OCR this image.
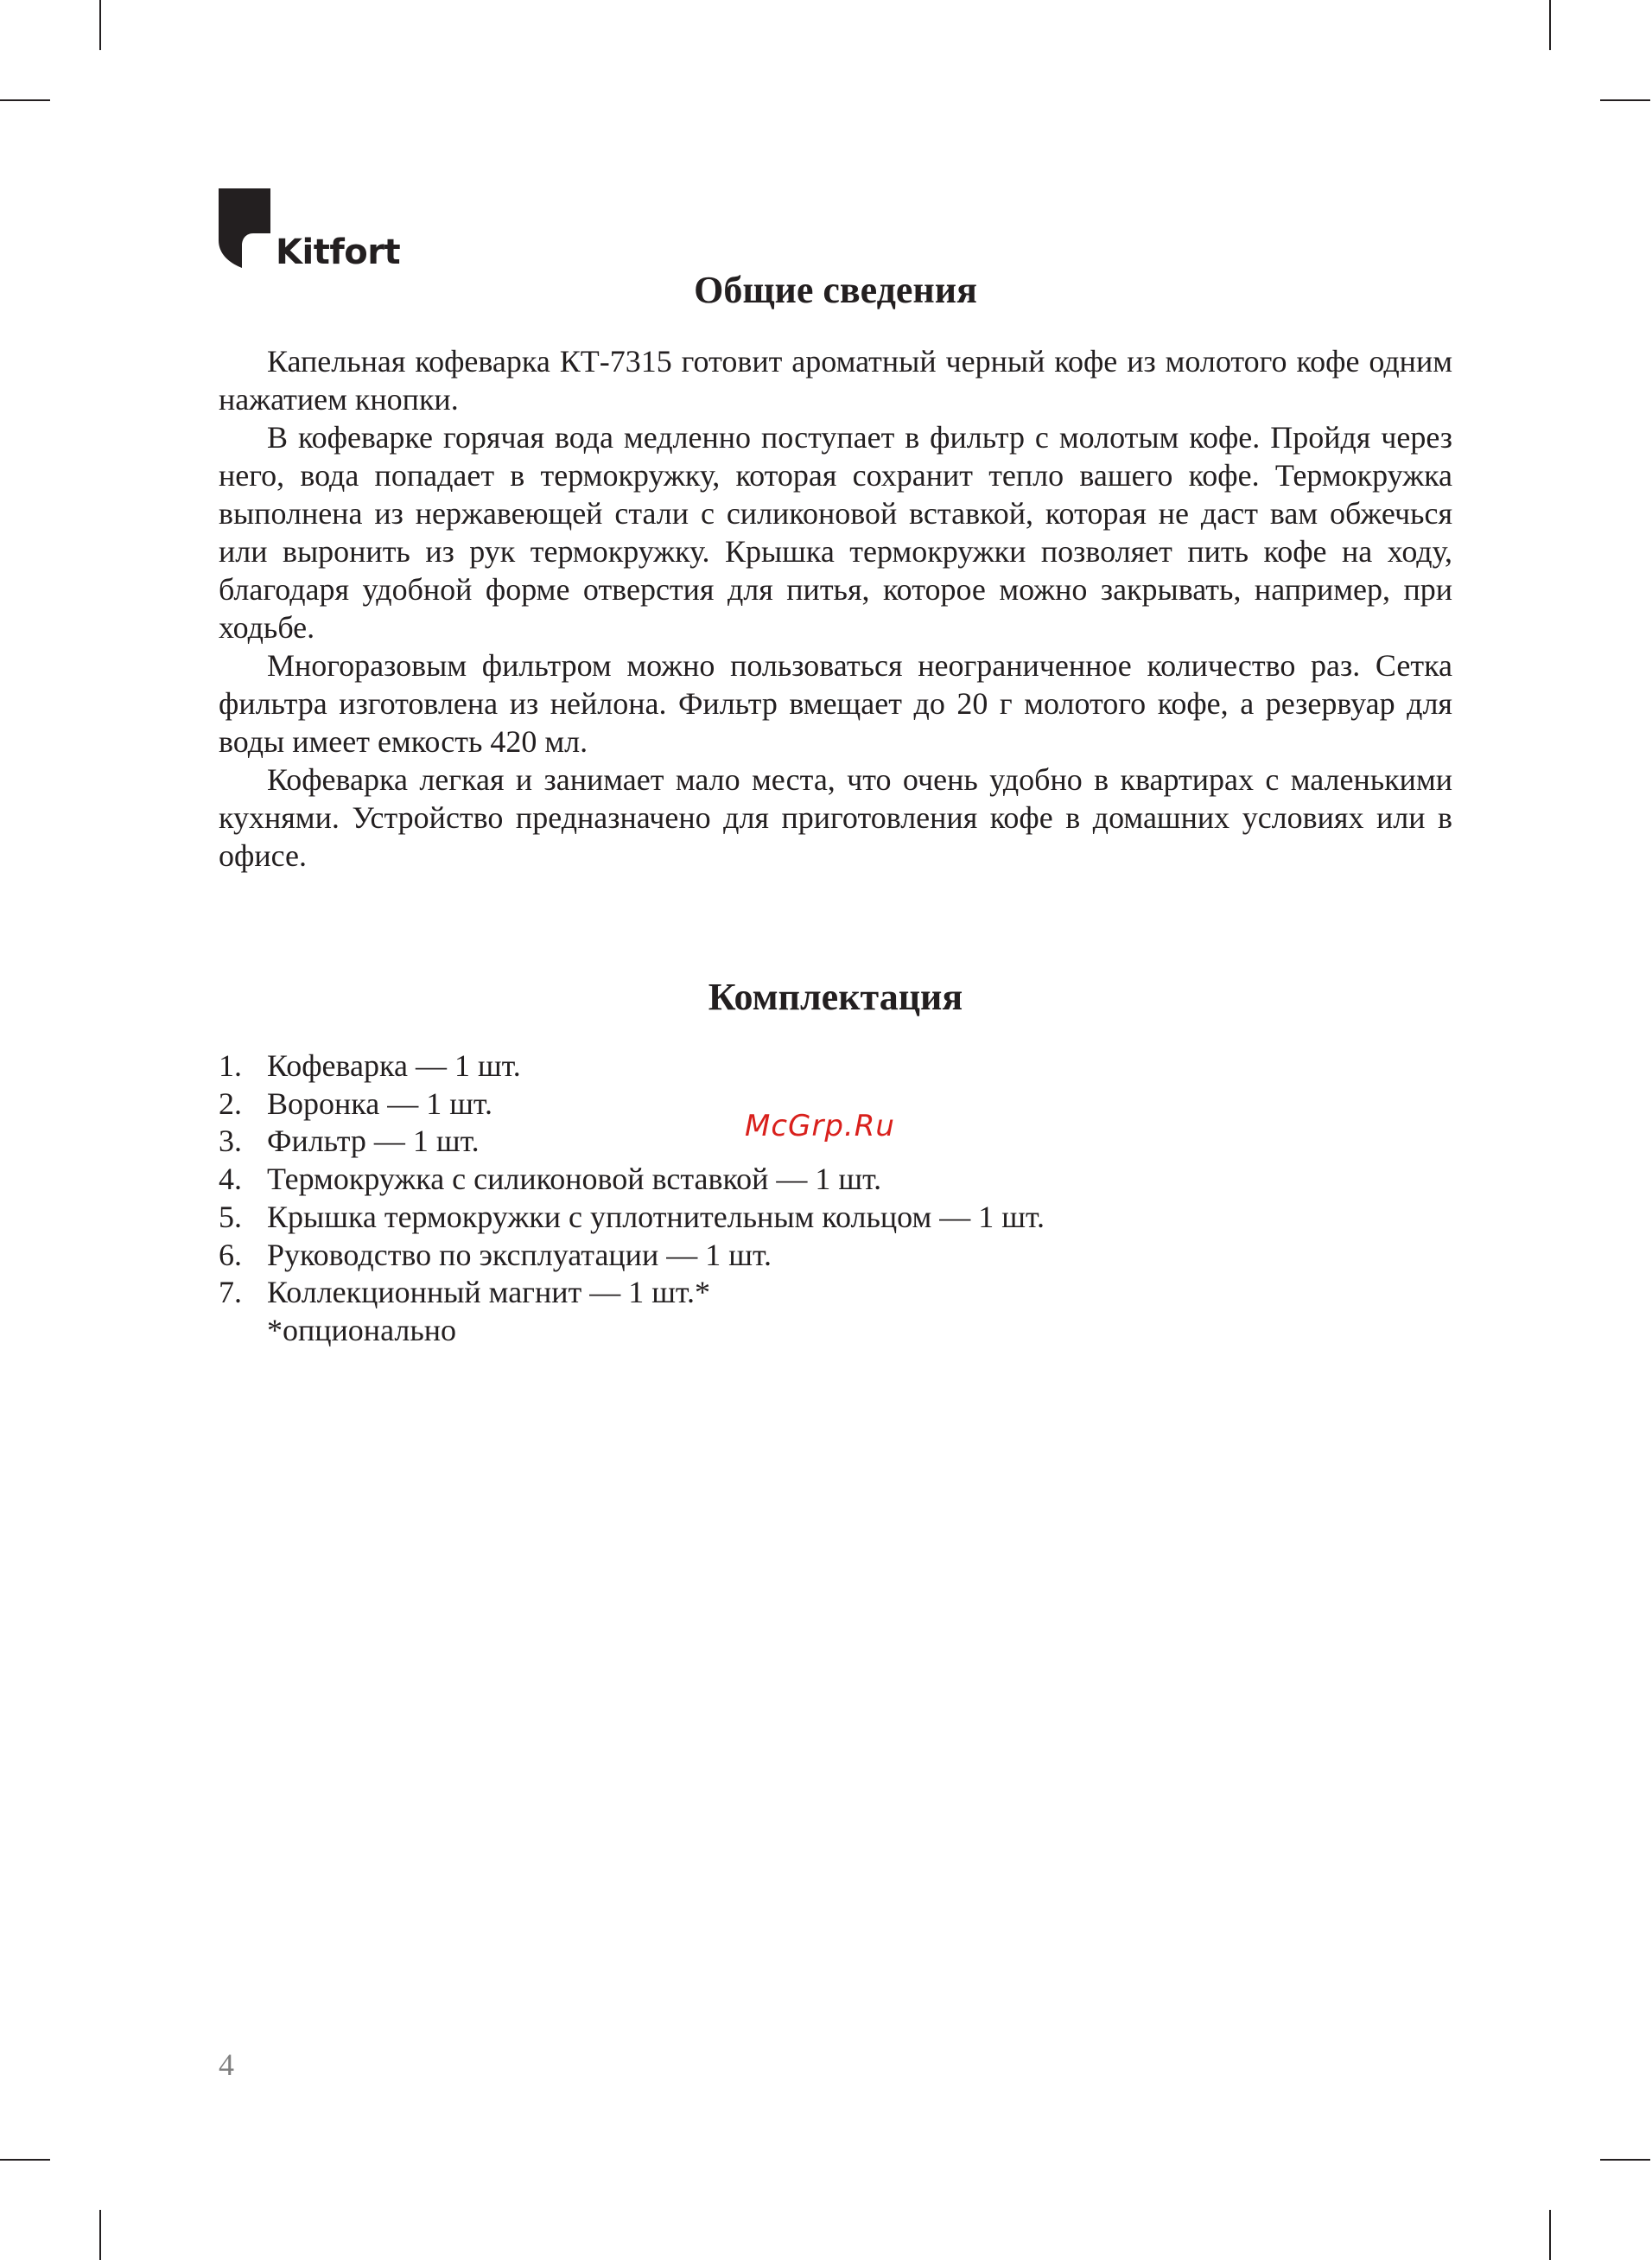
Kitfort
Общие сведения

Капельная кофеварка КТ-7315 готовит ароматный черный кофе из молотого кофе одним нажатием кнопки.

В кофеварке горячая вода медленно поступает в фильтр с молотым кофе. Пройдя через него, вода попадает в термокружку, которая сохранит тепло вашего кофе. Термокружка выполнена из нержавеющей стали с силиконовой вставкой, которая не даст вам обжечься или выронить из рук термокружку. Крышка термокружки позволяет пить кофе на ходу, благодаря удобной форме отверстия для питья, которое можно закрывать, например, при ходьбе.

Многоразовым фильтром можно пользоваться неограниченное количество раз. Сетка фильтра изготовлена из нейлона. Фильтр вмещает до 20 г молотого кофе, а резервуар для воды имеет емкость 420 мл.

Кофеварка легкая и занимает мало места, что очень удобно в квартирах с маленькими кухнями. Устройство предназначено для приготовления кофе в домашних условиях или в офисе.

Комплектация
1. Кофеварка — 1 шт.
2. Воронка — 1 шт.
3. Фильтр — 1 шт.
4. Термокружка с силиконовой вставкой — 1 шт.
5. Крышка термокружки с уплотнительным кольцом — 1 шт.
6. Руководство по эксплуатации — 1 шт.
7. Коллекционный магнит — 1 шт.*
*опционально
McGrp.Ru
4
